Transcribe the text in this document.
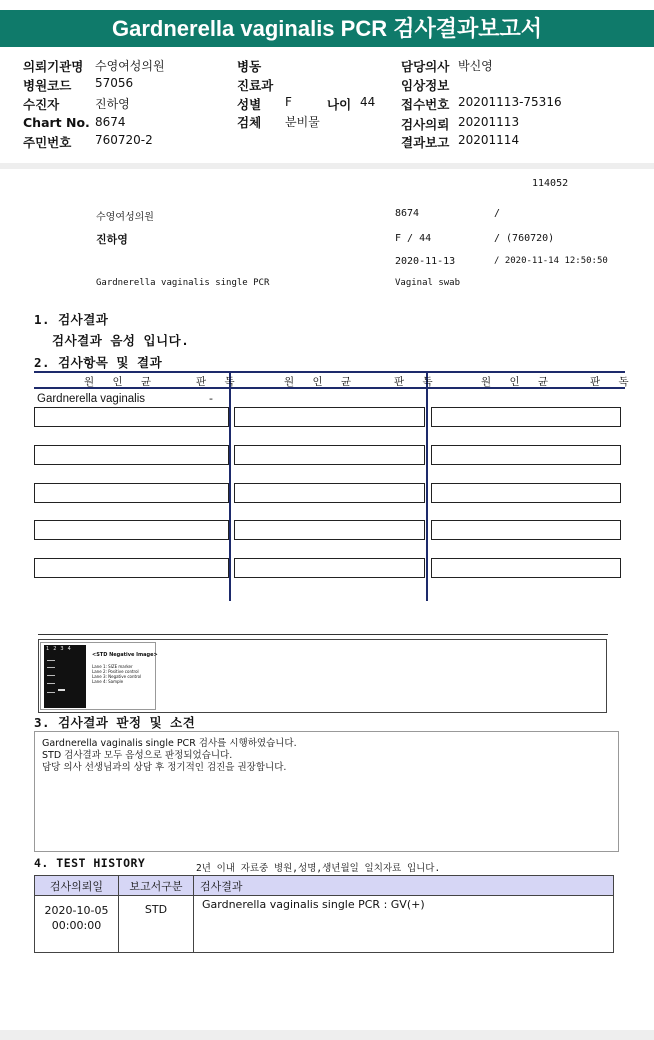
Gardnerella vaginalis PCR 검사결과보고서
의뢰기관명 수영여성의원
병원코드 57056
수진자	진하영
Chart No. 8674
주민번호 760720-2
병동
진료과
성별 F	나이 44
검체 분비물
담당의사 박신영
임상정보
접수번호 20201113-75316
검사의뢰 20201113
결과보고 20201114
114052
수영여성의원	8674	/
진하영	F / 44	/ (760720)
2020-11-13	/ 2020-11-14 12:50:50
Gardnerella vaginalis single PCR	Vaginal swab
1. 검사결과
검사결과 음성 입니다.
2. 검사항목 및 결과
원 인 균	판 독	원 인 균	판 독	원 인 균	판 독
Gardnerella vaginalis	-
1234
<STD Negative Image>
Lane 1: SIZE marker
Lane 2: Positive control
Lane 3: Negative control
Lane 4: Sample
3. 검사결과 판정 및 소견
Gardnerella vaginalis single PCR 검사를 시행하였습니다.
STD 검사결과 모두 음성으로 판정되었습니다.
담당 의사 선생님과의 상담 후 정기적인 검진을 권장합니다.
4. TEST HISTORY	2년 이내 자료중 병원,성명,생년월일 일치자료 입니다.
검사의뢰일	보고서구분	검사결과

2020-10-05
00:00:00	STD	Gardnerella vaginalis single PCR : GV(+)
